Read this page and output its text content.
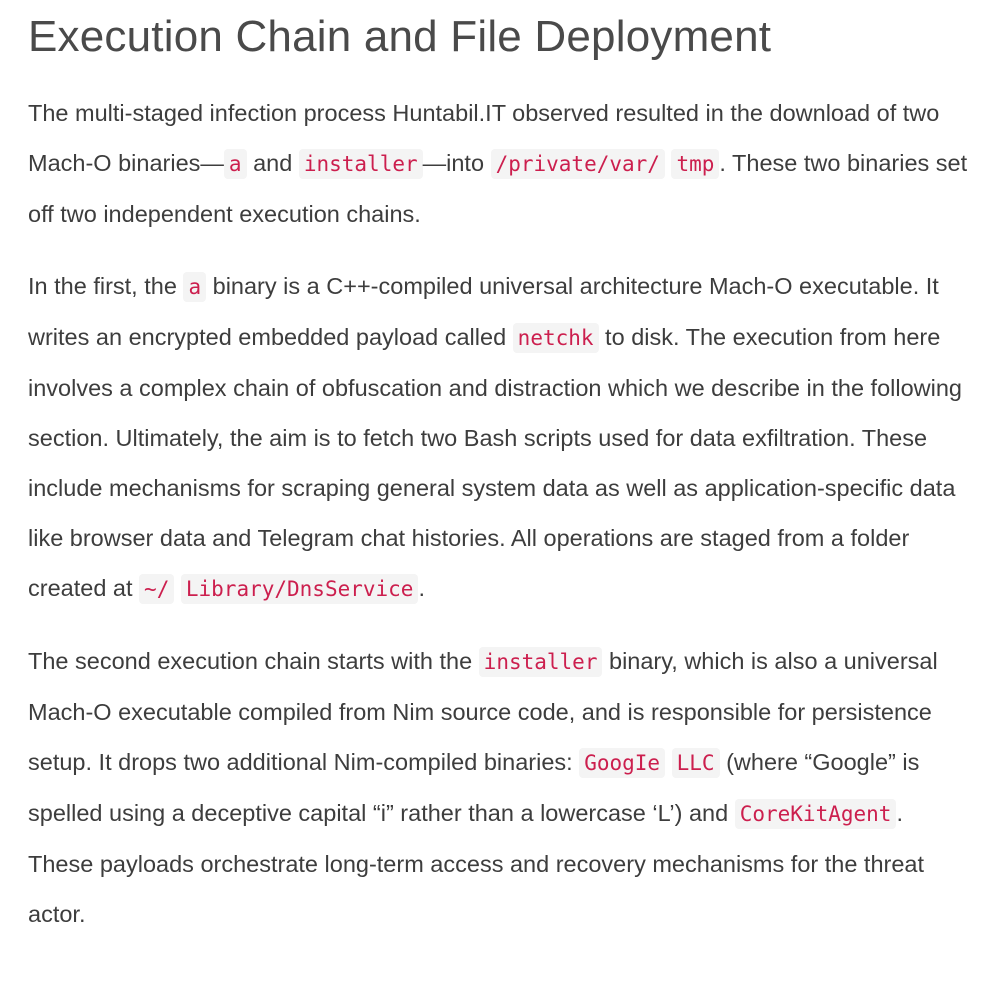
Execution Chain and File Deployment

The multi-staged infection process Huntabil.IT observed resulted in the download of two Mach-O binaries— a and installer —into /private/var/ tmp . These two binaries set off two independent execution chains.

In the first, the a binary is a C++-compiled universal architecture Mach-O executable. It writes an encrypted embedded payload called netchk to disk. The execution from here involves a complex chain of obfuscation and distraction which we describe in the following section. Ultimately, the aim is to fetch two Bash scripts used for data exfiltration. These include mechanisms for scraping general system data as well as application-specific data like browser data and Telegram chat histories. All operations are staged from a folder created at ~/ Library/DnsService .

The second execution chain starts with the installer binary, which is also a universal Mach-O executable compiled from Nim source code, and is responsible for persistence setup. It drops two additional Nim-compiled binaries: GoogIe LLC (where “Google” is spelled using a deceptive capital “i” rather than a lowercase ‘L’) and CoreKitAgent . These payloads orchestrate long-term access and recovery mechanisms for the threat actor.
